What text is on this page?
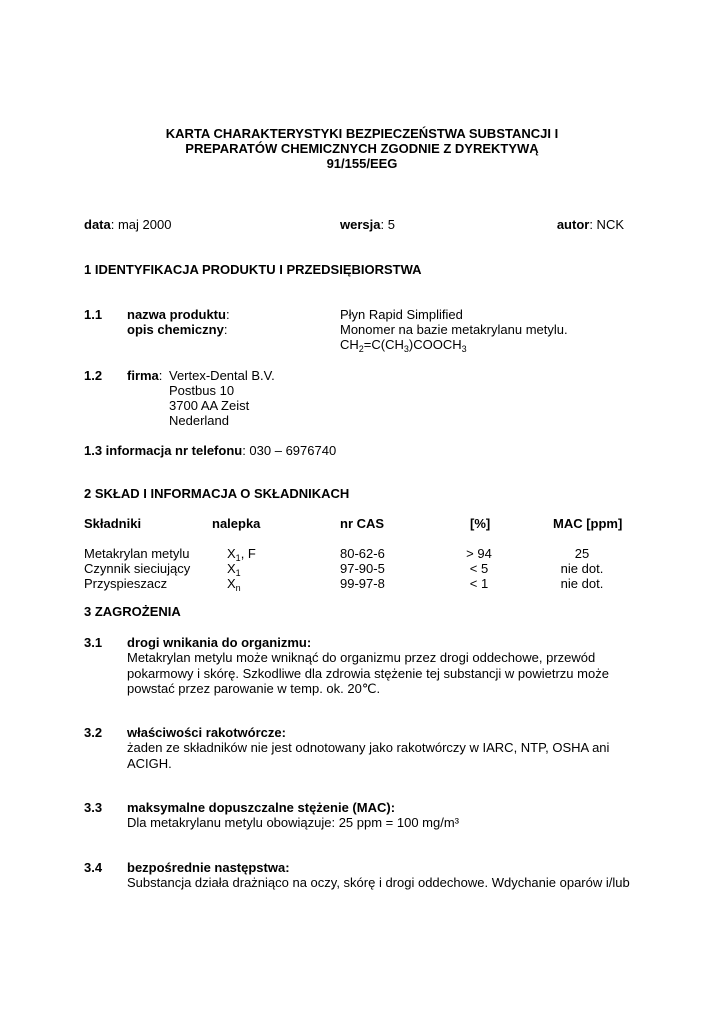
KARTA CHARAKTERYSTYKI BEZPIECZEŃSTWA SUBSTANCJI I
PREPARATÓW CHEMICZNYCH ZGODNIE Z DYREKTYWĄ
91/155/EEG
data: maj 2000	wersja: 5	autor: NCK
1 IDENTYFIKACJA PRODUKTU I PRZEDSIĘBIORSTWA
1.1 nazwa produktu:	Płyn Rapid Simplified
opis chemiczny:	Monomer na bazie metakrylanu metylu.
$CH_2=C(CH_3)COOCH_3$
1.2 firma: Vertex-Dental B.V.
Postbus 10
3700 AA Zeist
Nederland
1.3 informacja nr telefonu: 030 – 6976740
2 SKŁAD I INFORMACJA O SKŁADNIKACH
Składniki	nalepka	nr CAS	[%]	MAC [ppm]
Metakrylan metylu	$X_1$, F	80-62-6	> 94	25
Czynnik sieciujący	$X_1$	97-90-5	< 5	nie dot.
Przyspieszacz	$X_n$	99-97-8	< 1	nie dot.
3 ZAGROŻENIA
3.1 drogi wnikania do organizmu:
Metakrylan metylu może wniknąć do organizmu przez drogi oddechowe, przewód pokarmowy i skórę. Szkodliwe dla zdrowia stężenie tej substancji w powietrzu może powstać przez parowanie w temp. ok. 20℃.
3.2 właściwości rakotwórcze:
żaden ze składników nie jest odnotowany jako rakotwórczy w IARC, NTP, OSHA ani ACIGH.
3.3 maksymalne dopuszczalne stężenie (MAC):
Dla metakrylanu metylu obowiązuje: 25 ppm = 100 mg/m³
3.4 bezpośrednie następstwa:
Substancja działa drażniąco na oczy, skórę i drogi oddechowe. Wdychanie oparów i/lub
